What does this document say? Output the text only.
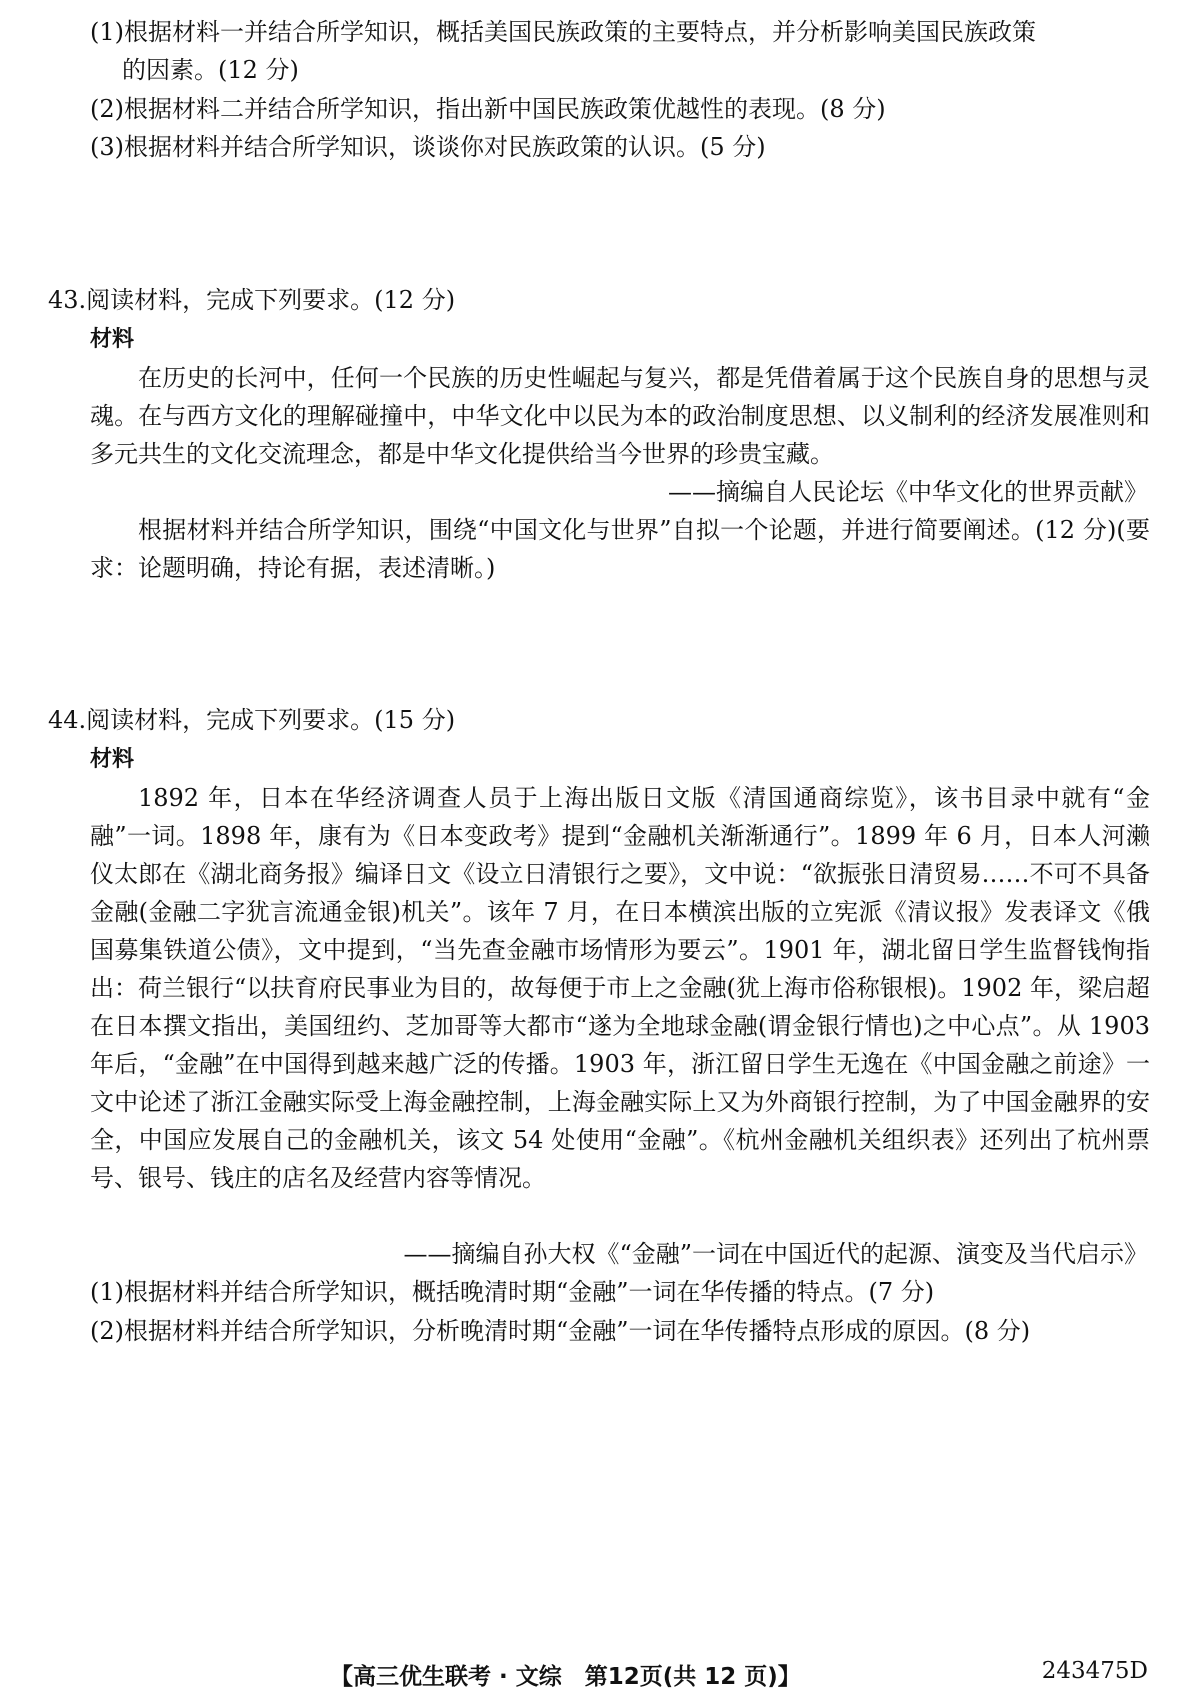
(1)根据材料一并结合所学知识，概括美国民族政策的主要特点，并分析影响美国民族政策
的因素。(12 分)
(2)根据材料二并结合所学知识，指出新中国民族政策优越性的表现。(8 分)
(3)根据材料并结合所学知识，谈谈你对民族政策的认识。(5 分)
43.阅读材料，完成下列要求。(12 分)
材料
在历史的长河中，任何一个民族的历史性崛起与复兴，都是凭借着属于这个民族自身的思想与灵魂。在与西方文化的理解碰撞中，中华文化中以民为本的政治制度思想、以义制利的经济发展准则和多元共生的文化交流理念，都是中华文化提供给当今世界的珍贵宝藏。
——摘编自人民论坛《中华文化的世界贡献》
根据材料并结合所学知识，围绕“中国文化与世界”自拟一个论题，并进行简要阐述。(12 分)(要求：论题明确，持论有据，表述清晰。)
44.阅读材料，完成下列要求。(15 分)
材料
1892 年，日本在华经济调查人员于上海出版日文版《清国通商综览》，该书目录中就有“金融”一词。1898 年，康有为《日本变政考》提到“金融机关渐渐通行”。1899 年 6 月，日本人河濑仪太郎在《湖北商务报》编译日文《设立日清银行之要》，文中说：“欲振张日清贸易……不可不具备金融(金融二字犹言流通金银)机关”。该年 7 月，在日本横滨出版的立宪派《清议报》发表译文《俄国募集铁道公债》，文中提到，“当先查金融市场情形为要云”。1901 年，湖北留日学生监督钱恂指出：荷兰银行“以扶育府民事业为目的，故每便于市上之金融(犹上海市俗称银根)。1902 年，梁启超在日本撰文指出，美国纽约、芝加哥等大都市“遂为全地球金融(谓金银行情也)之中心点”。从 1903 年后，“金融”在中国得到越来越广泛的传播。1903 年，浙江留日学生无逸在《中国金融之前途》一文中论述了浙江金融实际受上海金融控制，上海金融实际上又为外商银行控制，为了中国金融界的安全，中国应发展自己的金融机关，该文 54 处使用“金融”。《杭州金融机关组织表》还列出了杭州票号、银号、钱庄的店名及经营内容等情况。
——摘编自孙大权《“金融”一词在中国近代的起源、演变及当代启示》
(1)根据材料并结合所学知识，概括晚清时期“金融”一词在华传播的特点。(7 分)
(2)根据材料并结合所学知识，分析晚清时期“金融”一词在华传播特点形成的原因。(8 分)
【高三优生联考 · 文综　第12页(共 12 页)】	243475D
